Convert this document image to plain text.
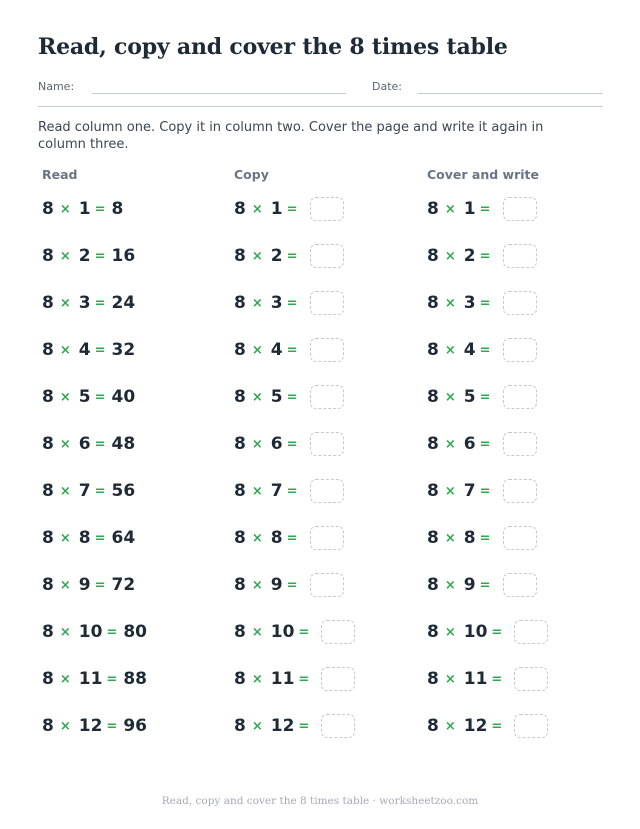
Read, copy and cover the 8 times table
Name:	Date:

Read column one. Copy it in column two. Cover the page and write it again in column three.

Read	Copy	Cover and write
8 × 1 = 8	8 × 1 =	8 × 1 =
8 × 2 = 16	8 × 2 =	8 × 2 =
8 × 3 = 24	8 × 3 =	8 × 3 =
8 × 4 = 32	8 × 4 =	8 × 4 =
8 × 5 = 40	8 × 5 =	8 × 5 =
8 × 6 = 48	8 × 6 =	8 × 6 =
8 × 7 = 56	8 × 7 =	8 × 7 =
8 × 8 = 64	8 × 8 =	8 × 8 =
8 × 9 = 72	8 × 9 =	8 × 9 =
8 × 10 = 80	8 × 10 =	8 × 10 =
8 × 11 = 88	8 × 11 =	8 × 11 =
8 × 12 = 96	8 × 12 =	8 × 12 =
Read, copy and cover the 8 times table · worksheetzoo.com
